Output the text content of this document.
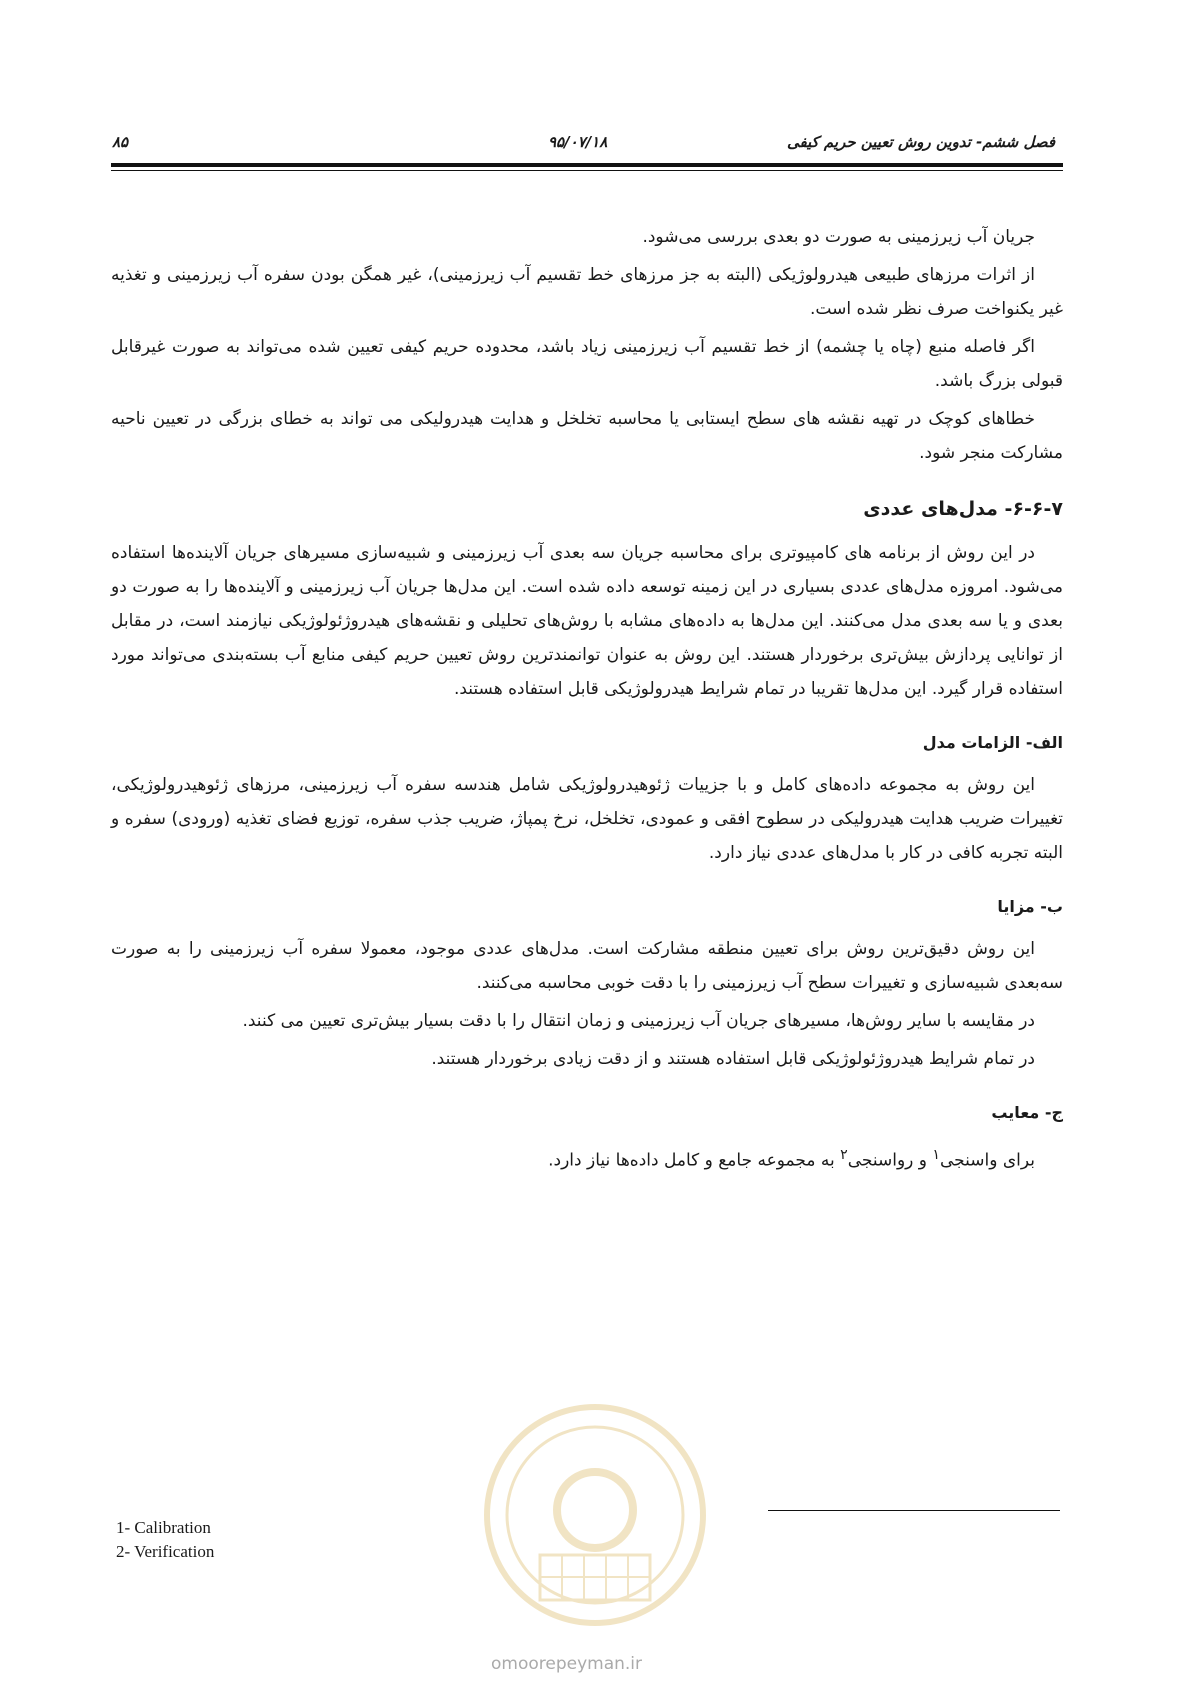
فصل ششم- تدوین روش تعیین حریم کیفی
۹۵/۰۷/۱۸
۸۵

جریان آب زیرزمینی به صورت دو بعدی بررسی می‌شود.

از اثرات مرزهای طبیعی هیدرولوژیکی (البته به جز مرزهای خط تقسیم آب زیرزمینی)، غیر همگن بودن سفره آب زیرزمینی و تغذیه غیر یکنواخت صرف نظر شده است.

اگر فاصله منبع (چاه یا چشمه) از خط تقسیم آب زیرزمینی زیاد باشد، محدوده حریم کیفی تعیین شده می‌تواند به صورت غیرقابل قبولی بزرگ باشد.

خطاهای کوچک در تهیه نقشه های سطح ایستابی یا محاسبه تخلخل و هدایت هیدرولیکی می تواند به خطای بزرگی در تعیین ناحیه مشارکت منجر شود.

۶-۶-۷- مدل‌های عددی

در این روش از برنامه های کامپیوتری برای محاسبه جریان سه بعدی آب زیرزمینی و شبیه‌سازی مسیرهای جریان آلاینده‌ها استفاده می‌شود. امروزه مدل‌های عددی بسیاری در این زمینه توسعه داده شده است. این مدل‌ها جریان آب زیرزمینی و آلاینده‌ها را به صورت دو بعدی و یا سه بعدی مدل می‌کنند. این مدل‌ها به داده‌های مشابه با روش‌های تحلیلی و نقشه‌های هیدروژئولوژیکی نیازمند است، در مقابل از توانایی پردازش بیش‌تری برخوردار هستند. این روش به عنوان توانمندترین روش تعیین حریم کیفی منابع آب بسته‌بندی می‌تواند مورد استفاده قرار گیرد. این مدل‌ها تقریبا در تمام شرایط هیدرولوژیکی قابل استفاده هستند.

الف- الزامات مدل

این روش به مجموعه داده‌های کامل و با جزییات ژئوهیدرولوژیکی شامل هندسه سفره آب زیرزمینی، مرزهای ژئوهیدرولوژیکی، تغییرات ضریب هدایت هیدرولیکی در سطوح افقی و عمودی، تخلخل، نرخ پمپاژ، ضریب جذب سفره، توزیع فضای تغذیه (ورودی) سفره و البته تجربه کافی در کار با مدل‌های عددی نیاز دارد.

ب- مزایا

این روش دقیق‌ترین روش برای تعیین منطقه مشارکت است. مدل‌های عددی موجود، معمولا سفره آب زیرزمینی را به صورت سه‌بعدی شبیه‌سازی و تغییرات سطح آب زیرزمینی را با دقت خوبی محاسبه می‌کنند.

در مقایسه با سایر روش‌ها، مسیرهای جریان آب زیرزمینی و زمان انتقال را با دقت بسیار بیش‌تری تعیین می کنند.

در تمام شرایط هیدروژئولوژیکی قابل استفاده هستند و از دقت زیادی برخوردار هستند.

ج- معایب

برای واسنجی$^۱$ و رواسنجی$^۲$ به مجموعه جامع و کامل داده‌ها نیاز دارد.

1- Calibration
2- Verification
omoorepeyman.ir
